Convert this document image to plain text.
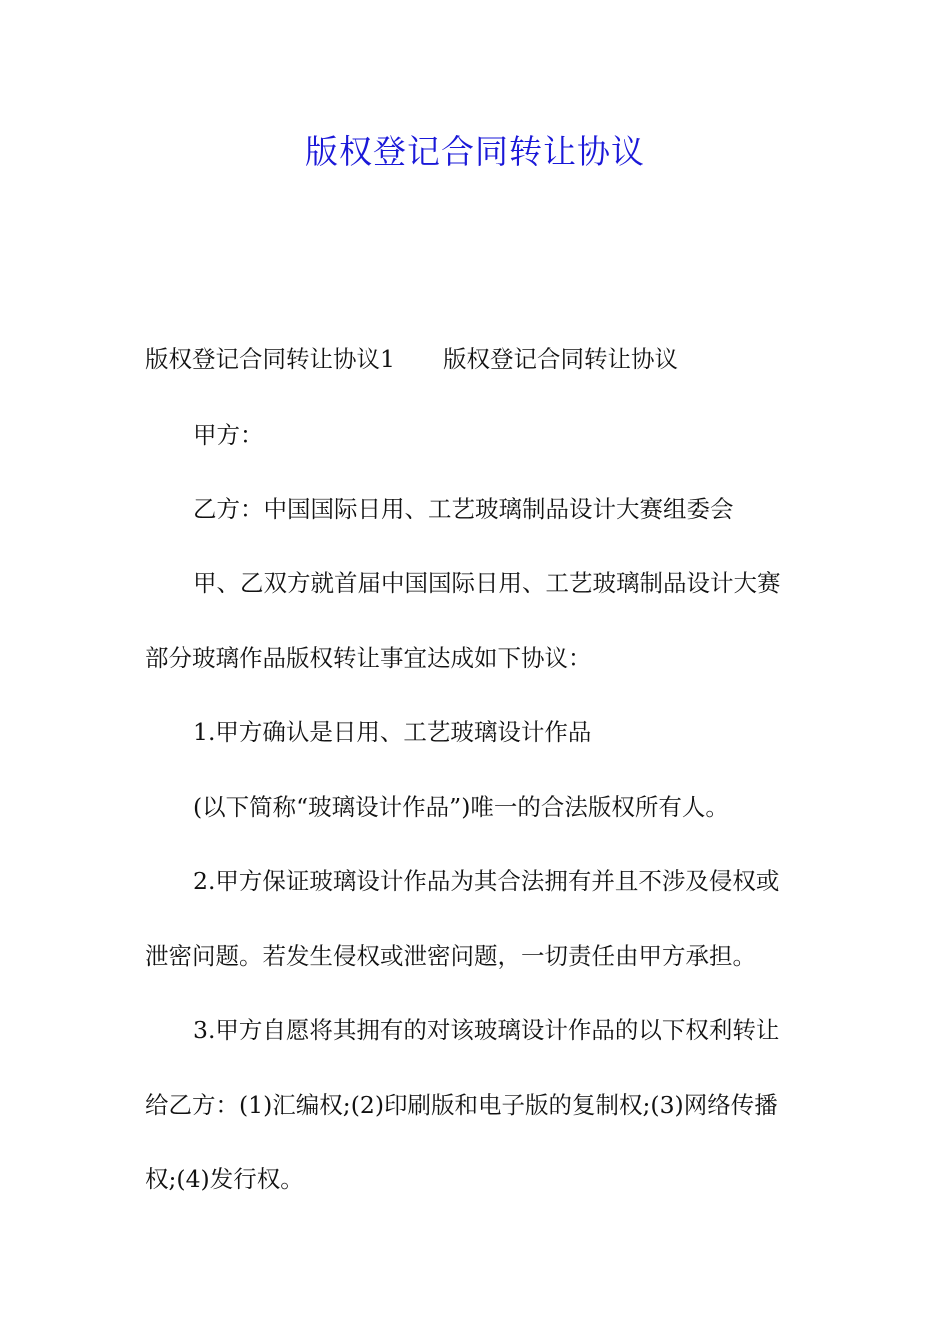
版权登记合同转让协议
版权登记合同转让协议1 版权登记合同转让协议
甲方：
乙方：中国国际日用、工艺玻璃制品设计大赛组委会
甲、乙双方就首届中国国际日用、工艺玻璃制品设计大赛
部分玻璃作品版权转让事宜达成如下协议：
1.甲方确认是日用、工艺玻璃设计作品
(以下简称“玻璃设计作品”)唯一的合法版权所有人。
2.甲方保证玻璃设计作品为其合法拥有并且不涉及侵权或
泄密问题。若发生侵权或泄密问题，一切责任由甲方承担。
3.甲方自愿将其拥有的对该玻璃设计作品的以下权利转让
给乙方：(1)汇编权;(2)印刷版和电子版的复制权;(3)网络传播
权;(4)发行权。
